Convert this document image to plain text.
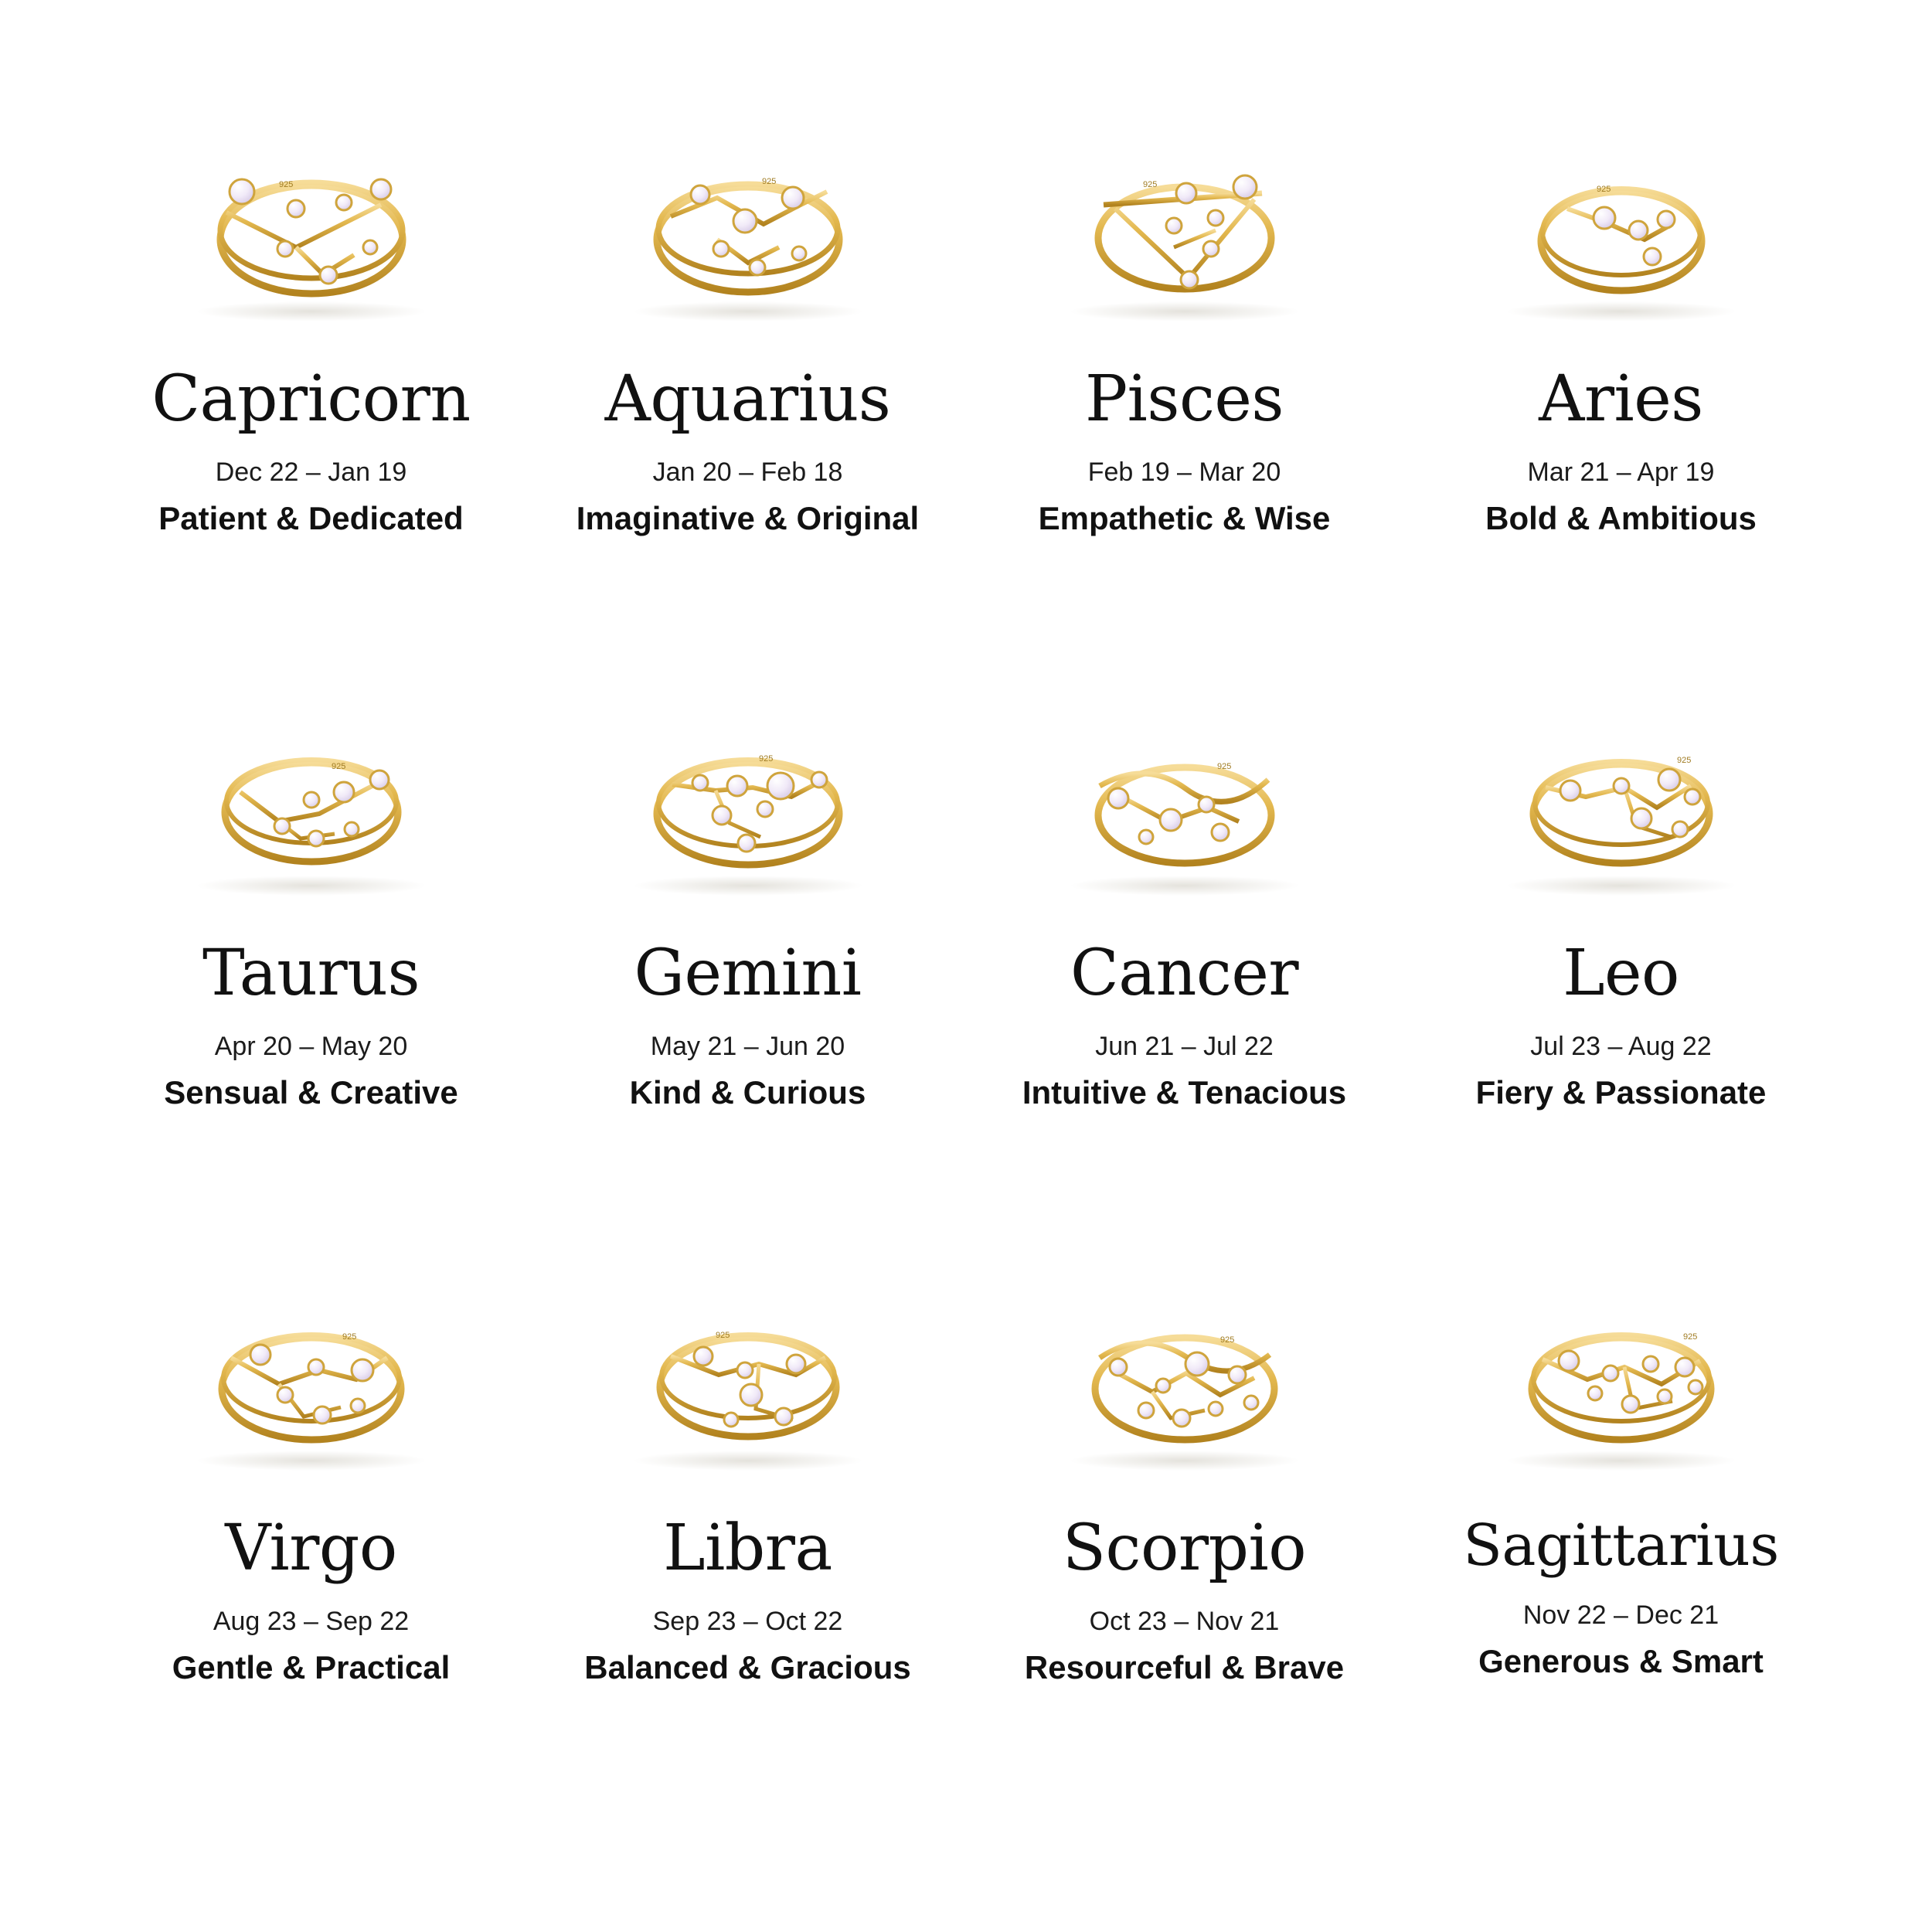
925
Capricorn
Dec 22 – Jan 19
Patient & Dedicated
925
Aquarius
Jan 20 – Feb 18
Imaginative & Original
925
Pisces
Feb 19 – Mar 20
Empathetic & Wise
925
Aries
Mar 21 – Apr 19
Bold & Ambitious
925
Taurus
Apr 20 – May 20
Sensual & Creative
925
Gemini
May 21 – Jun 20
Kind & Curious
925
Cancer
Jun 21 – Jul 22
Intuitive & Tenacious
925
Leo
Jul 23 – Aug 22
Fiery & Passionate
925
Virgo
Aug 23 – Sep 22
Gentle & Practical
925
Libra
Sep 23 – Oct 22
Balanced & Gracious
925
Scorpio
Oct 23 – Nov 21
Resourceful & Brave
925
Sagittarius
Nov 22 – Dec 21
Generous & Smart
